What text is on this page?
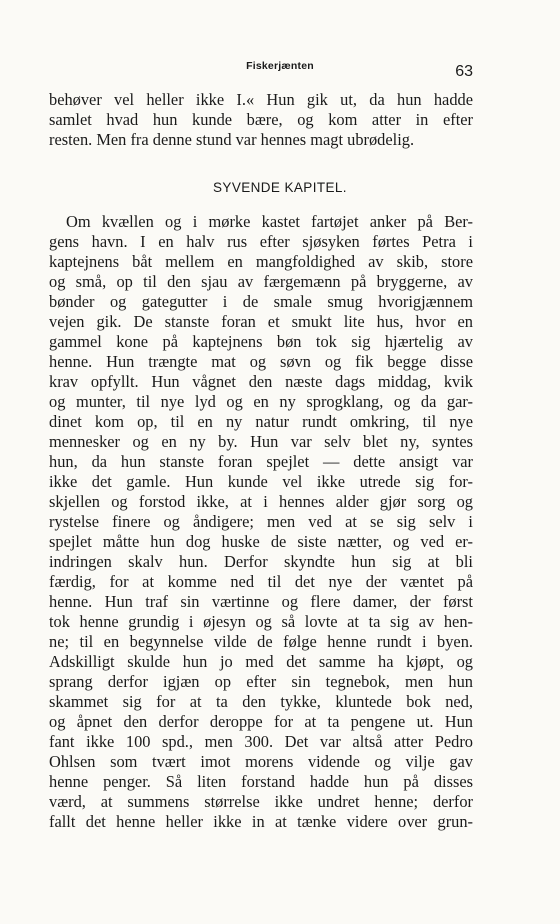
Fiskerjænten	63
behøver vel heller ikke I.« Hun gik ut, da hun hadde
samlet hvad hun kunde bære, og kom atter in efter
resten. Men fra denne stund var hennes magt ubrødelig.
SYVENDE KAPITEL.
Om kvællen og i mørke kastet fartøjet anker på Ber-
gens havn. I en halv rus efter sjøsyken førtes Petra i
kaptejnens båt mellem en mangfoldighed av skib, store
og små, op til den sjau av færgemænn på bryggerne, av
bønder og gategutter i de smale smug hvorigjænnem
vejen gik. De stanste foran et smukt lite hus, hvor en
gammel kone på kaptejnens bøn tok sig hjærtelig av
henne. Hun trængte mat og søvn og fik begge disse
krav opfyllt. Hun vågnet den næste dags middag, kvik
og munter, til nye lyd og en ny sprogklang, og da gar-
dinet kom op, til en ny natur rundt omkring, til nye
mennesker og en ny by. Hun var selv blet ny, syntes
hun, da hun stanste foran spejlet — dette ansigt var
ikke det gamle. Hun kunde vel ikke utrede sig for-
skjellen og forstod ikke, at i hennes alder gjør sorg og
rystelse finere og åndigere; men ved at se sig selv i
spejlet måtte hun dog huske de siste nætter, og ved er-
indringen skalv hun. Derfor skyndte hun sig at bli
færdig, for at komme ned til det nye der væntet på
henne. Hun traf sin værtinne og flere damer, der først
tok henne grundig i øjesyn og så lovte at ta sig av hen-
ne; til en begynnelse vilde de følge henne rundt i byen.
Adskilligt skulde hun jo med det samme ha kjøpt, og
sprang derfor igjæn op efter sin tegnebok, men hun
skammet sig for at ta den tykke, kluntede bok ned,
og åpnet den derfor deroppe for at ta pengene ut. Hun
fant ikke 100 spd., men 300. Det var altså atter Pedro
Ohlsen som tvært imot morens vidende og vilje gav
henne penger. Så liten forstand hadde hun på disses
værd, at summens størrelse ikke undret henne; derfor
fallt det henne heller ikke in at tænke videre over grun-
